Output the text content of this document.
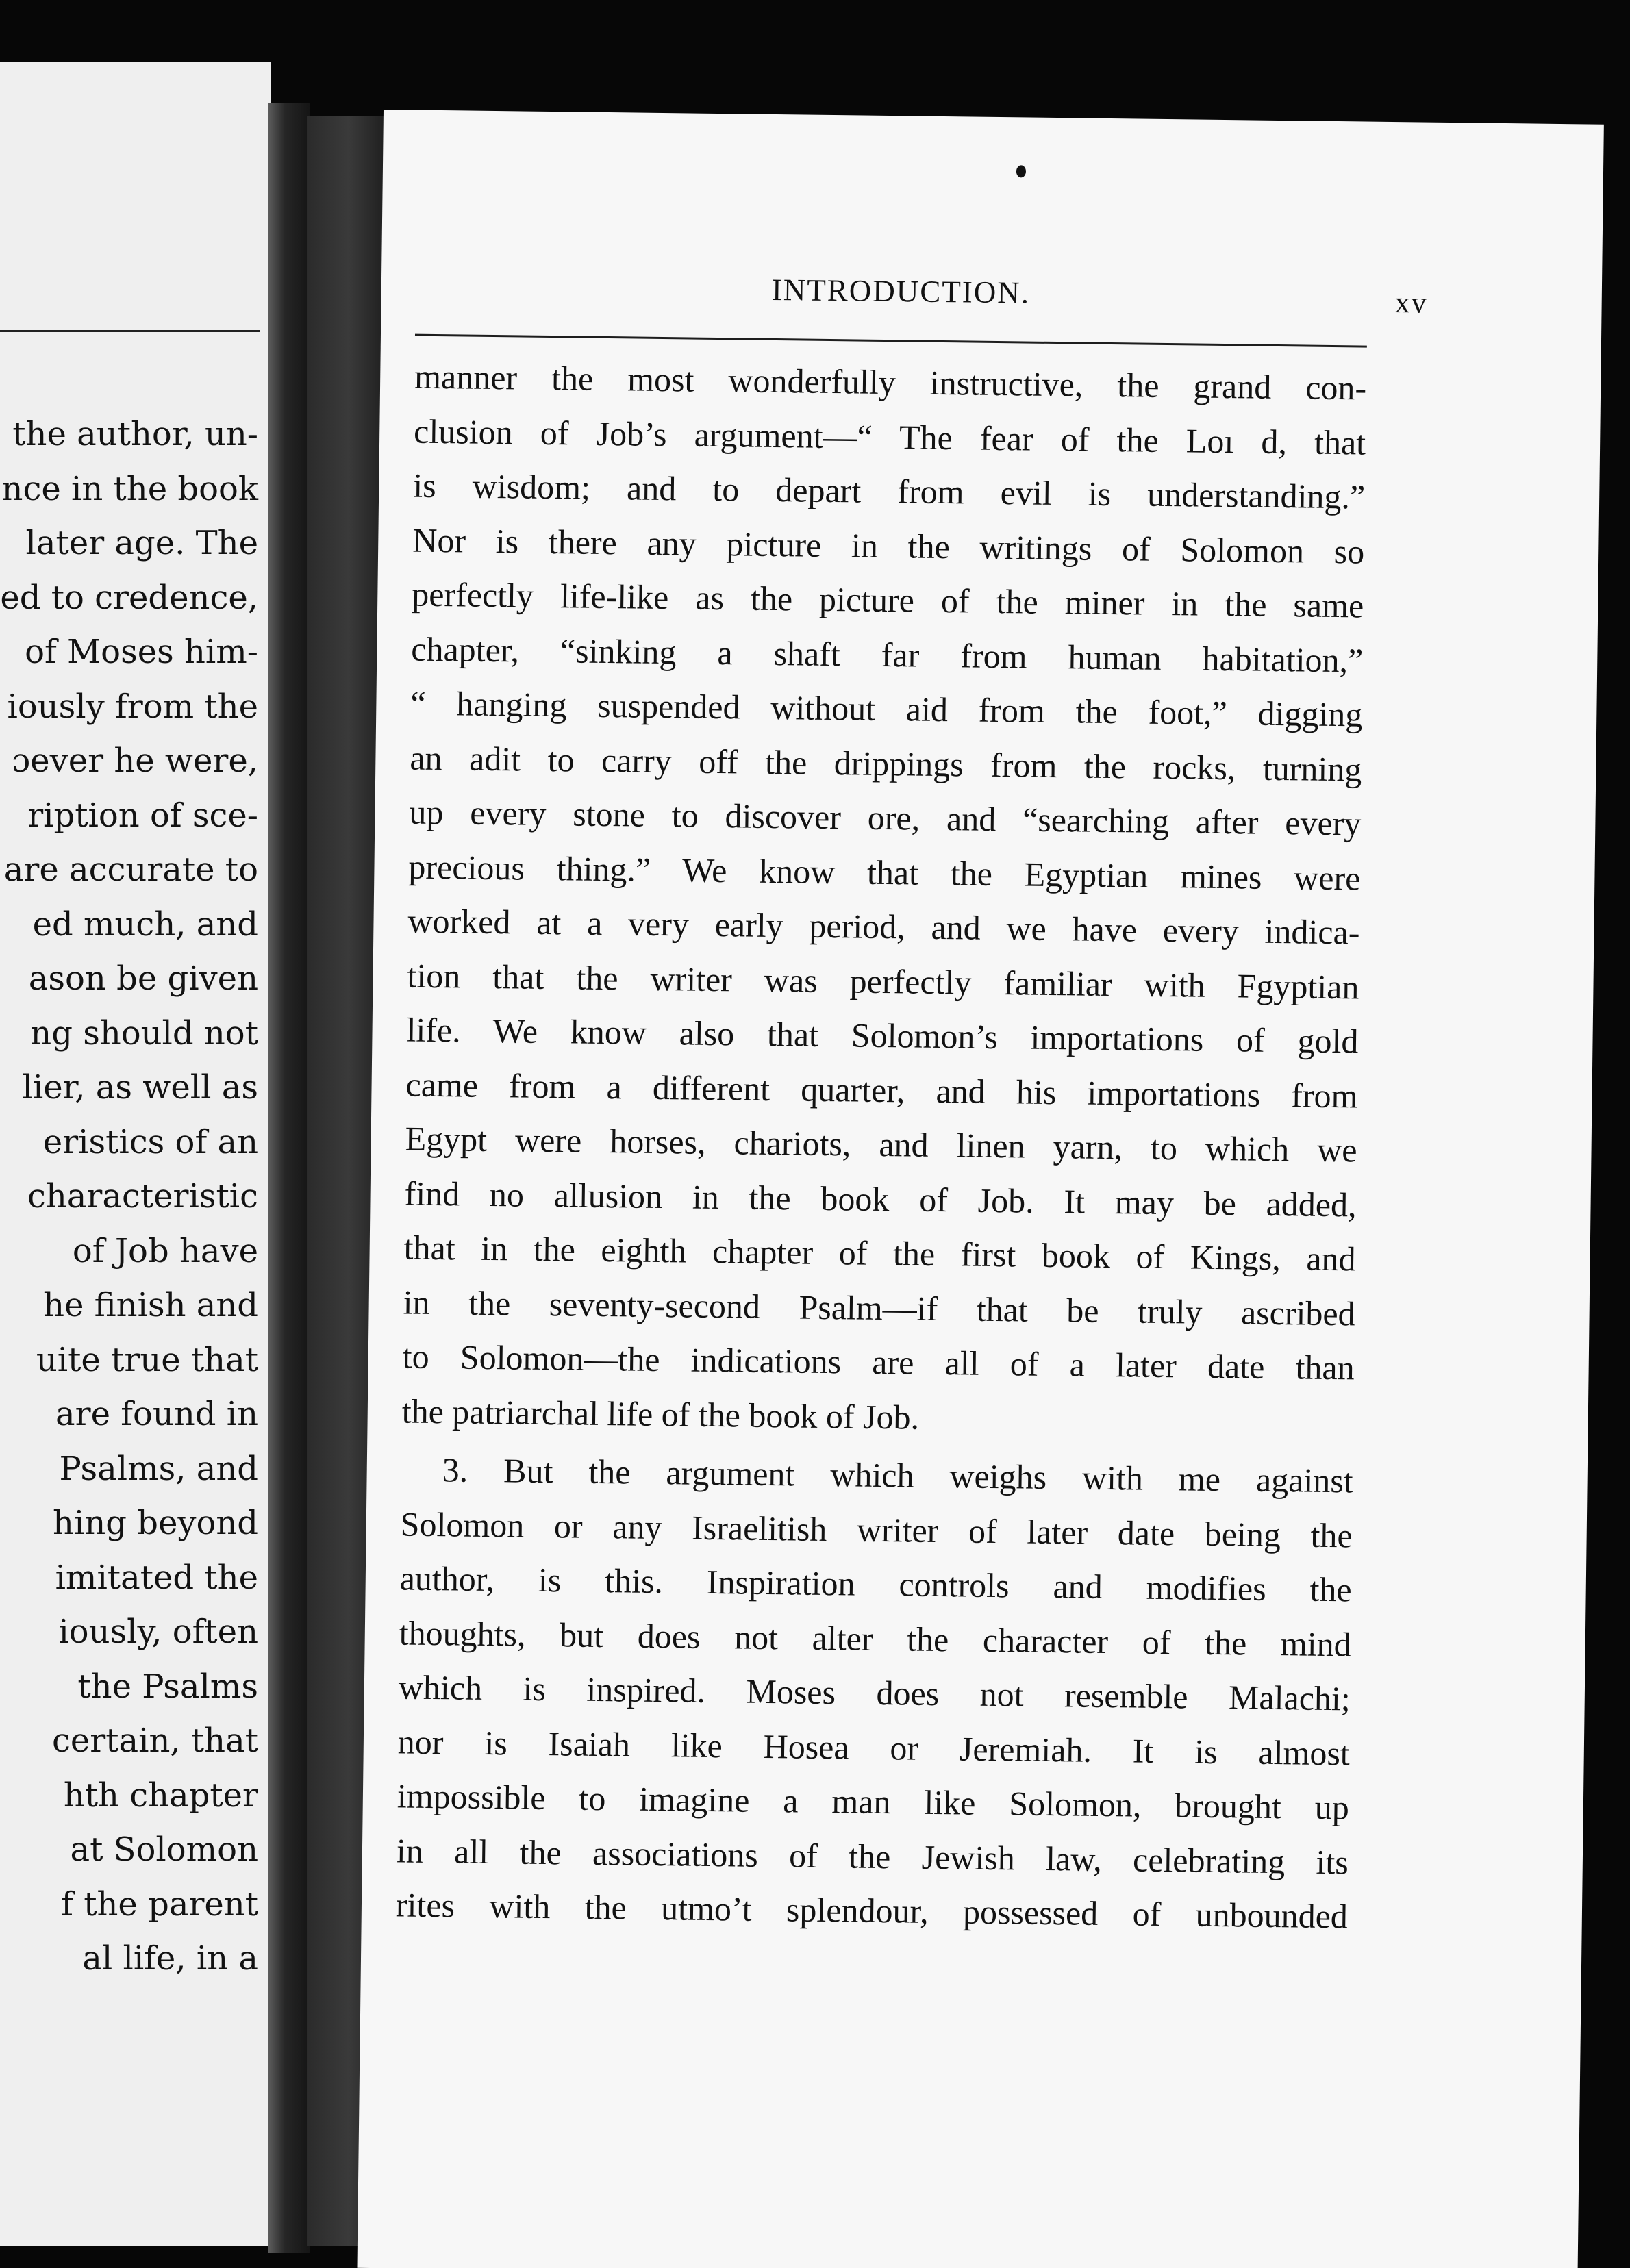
the author, un-
nce in the book
later age. The
ed to credence,
of Moses him-
iously from the
ɔever he were,
ription of sce-
are accurate to
ed much, and
ason be given
ng should not
lier, as well as
eristics of an
characteristic
of Job have
he finish and
uite true that
are found in
Psalms, and
hing beyond
imitated the
iously, often
the Psalms
certain, that
hth chapter
at Solomon
f the parent
al life, in a
INTRODUCTION.	xv
manner the most wonderfully instructive, the grand con-
clusion of Job’s argument—“ The fear of the Loı d, that
is wisdom; and to depart from evil is understanding.”
Nor is there any picture in the writings of Solomon so
perfectly life-like as the picture of the miner in the same
chapter, “sinking a shaft far from human habitation,”
“ hanging suspended without aid from the foot,” digging
an adit to carry off the drippings from the rocks, turning
up every stone to discover ore, and “searching after every
precious thing.” We know that the Egyptian mines were
worked at a very early period, and we have every indica-
tion that the writer was perfectly familiar with Fgyptian
life. We know also that Solomon’s importations of gold
came from a different quarter, and his importations from
Egypt were horses, chariots, and linen yarn, to which we
find no allusion in the book of Job. It may be added,
that in the eighth chapter of the first book of Kings, and
in the seventy-second Psalm—if that be truly ascribed
to Solomon—the indications are all of a later date than
the patriarchal life of the book of Job.
3. But the argument which weighs with me against
Solomon or any Israelitish writer of later date being the
author, is this. Inspiration controls and modifies the
thoughts, but does not alter the character of the mind
which is inspired. Moses does not resemble Malachi;
nor is Isaiah like Hosea or Jeremiah. It is almost
impossible to imagine a man like Solomon, brought up
in all the associations of the Jewish law, celebrating its
rites with the utmo’t splendour, possessed of unbounded
